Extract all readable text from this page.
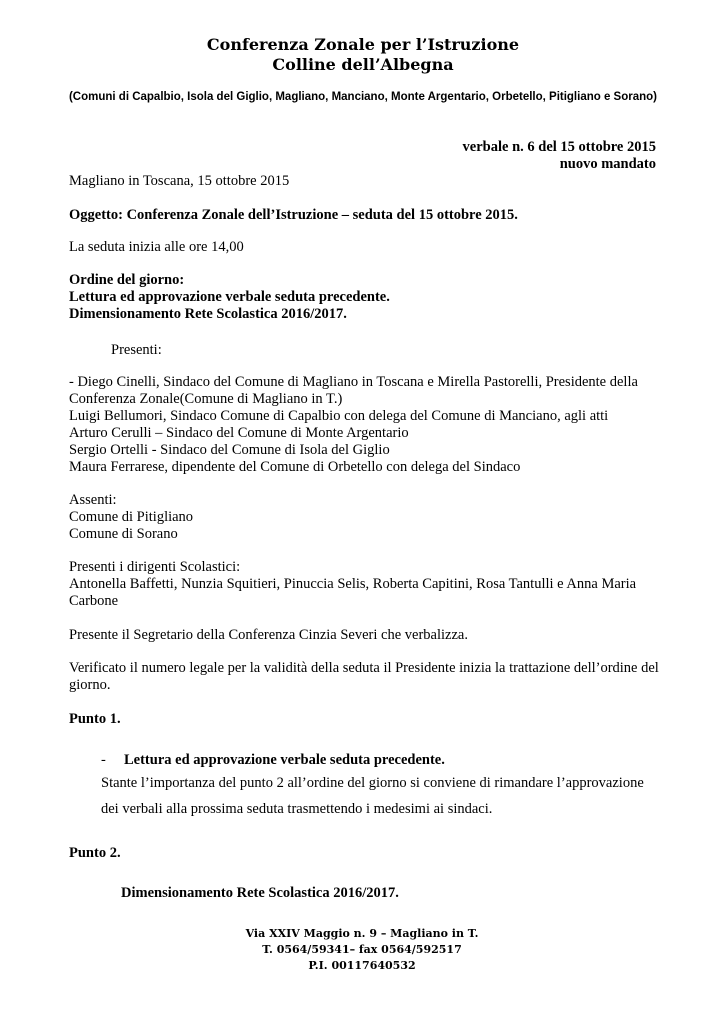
Conferenza Zonale per l’Istruzione
Colline dell’Albegna
(Comuni di Capalbio, Isola del Giglio, Magliano, Manciano, Monte Argentario, Orbetello, Pitigliano e Sorano)
verbale n. 6 del 15 ottobre 2015
nuovo mandato
Magliano in Toscana, 15 ottobre 2015
Oggetto: Conferenza Zonale dell’Istruzione – seduta del 15 ottobre 2015.
La seduta inizia alle ore 14,00
Ordine del giorno:
Lettura ed approvazione verbale seduta precedente.
Dimensionamento Rete Scolastica 2016/2017.
Presenti:
- Diego Cinelli, Sindaco del Comune di Magliano in Toscana e Mirella Pastorelli, Presidente della Conferenza Zonale(Comune di Magliano in T.)
Luigi Bellumori, Sindaco Comune di Capalbio con delega del Comune di Manciano, agli atti
Arturo Cerulli – Sindaco del Comune di Monte Argentario
Sergio Ortelli - Sindaco del Comune di Isola del Giglio
Maura Ferrarese, dipendente del Comune di Orbetello con delega del Sindaco
Assenti:
Comune di Pitigliano
Comune di Sorano
Presenti i dirigenti Scolastici:
Antonella Baffetti, Nunzia Squitieri, Pinuccia Selis, Roberta Capitini, Rosa Tantulli e Anna Maria Carbone
Presente il Segretario della Conferenza Cinzia Severi che verbalizza.
Verificato il numero legale per la validità della seduta il Presidente inizia la trattazione dell’ordine del giorno.
Punto 1.
- Lettura ed approvazione verbale seduta precedente.
Stante l’importanza del punto 2 all’ordine del giorno si conviene di rimandare l’approvazione dei verbali alla prossima seduta trasmettendo i medesimi ai sindaci.
Punto 2.
Dimensionamento Rete Scolastica 2016/2017.
Via XXIV Maggio n. 9 – Magliano in T.
T. 0564/59341– fax 0564/592517
P.I. 00117640532
